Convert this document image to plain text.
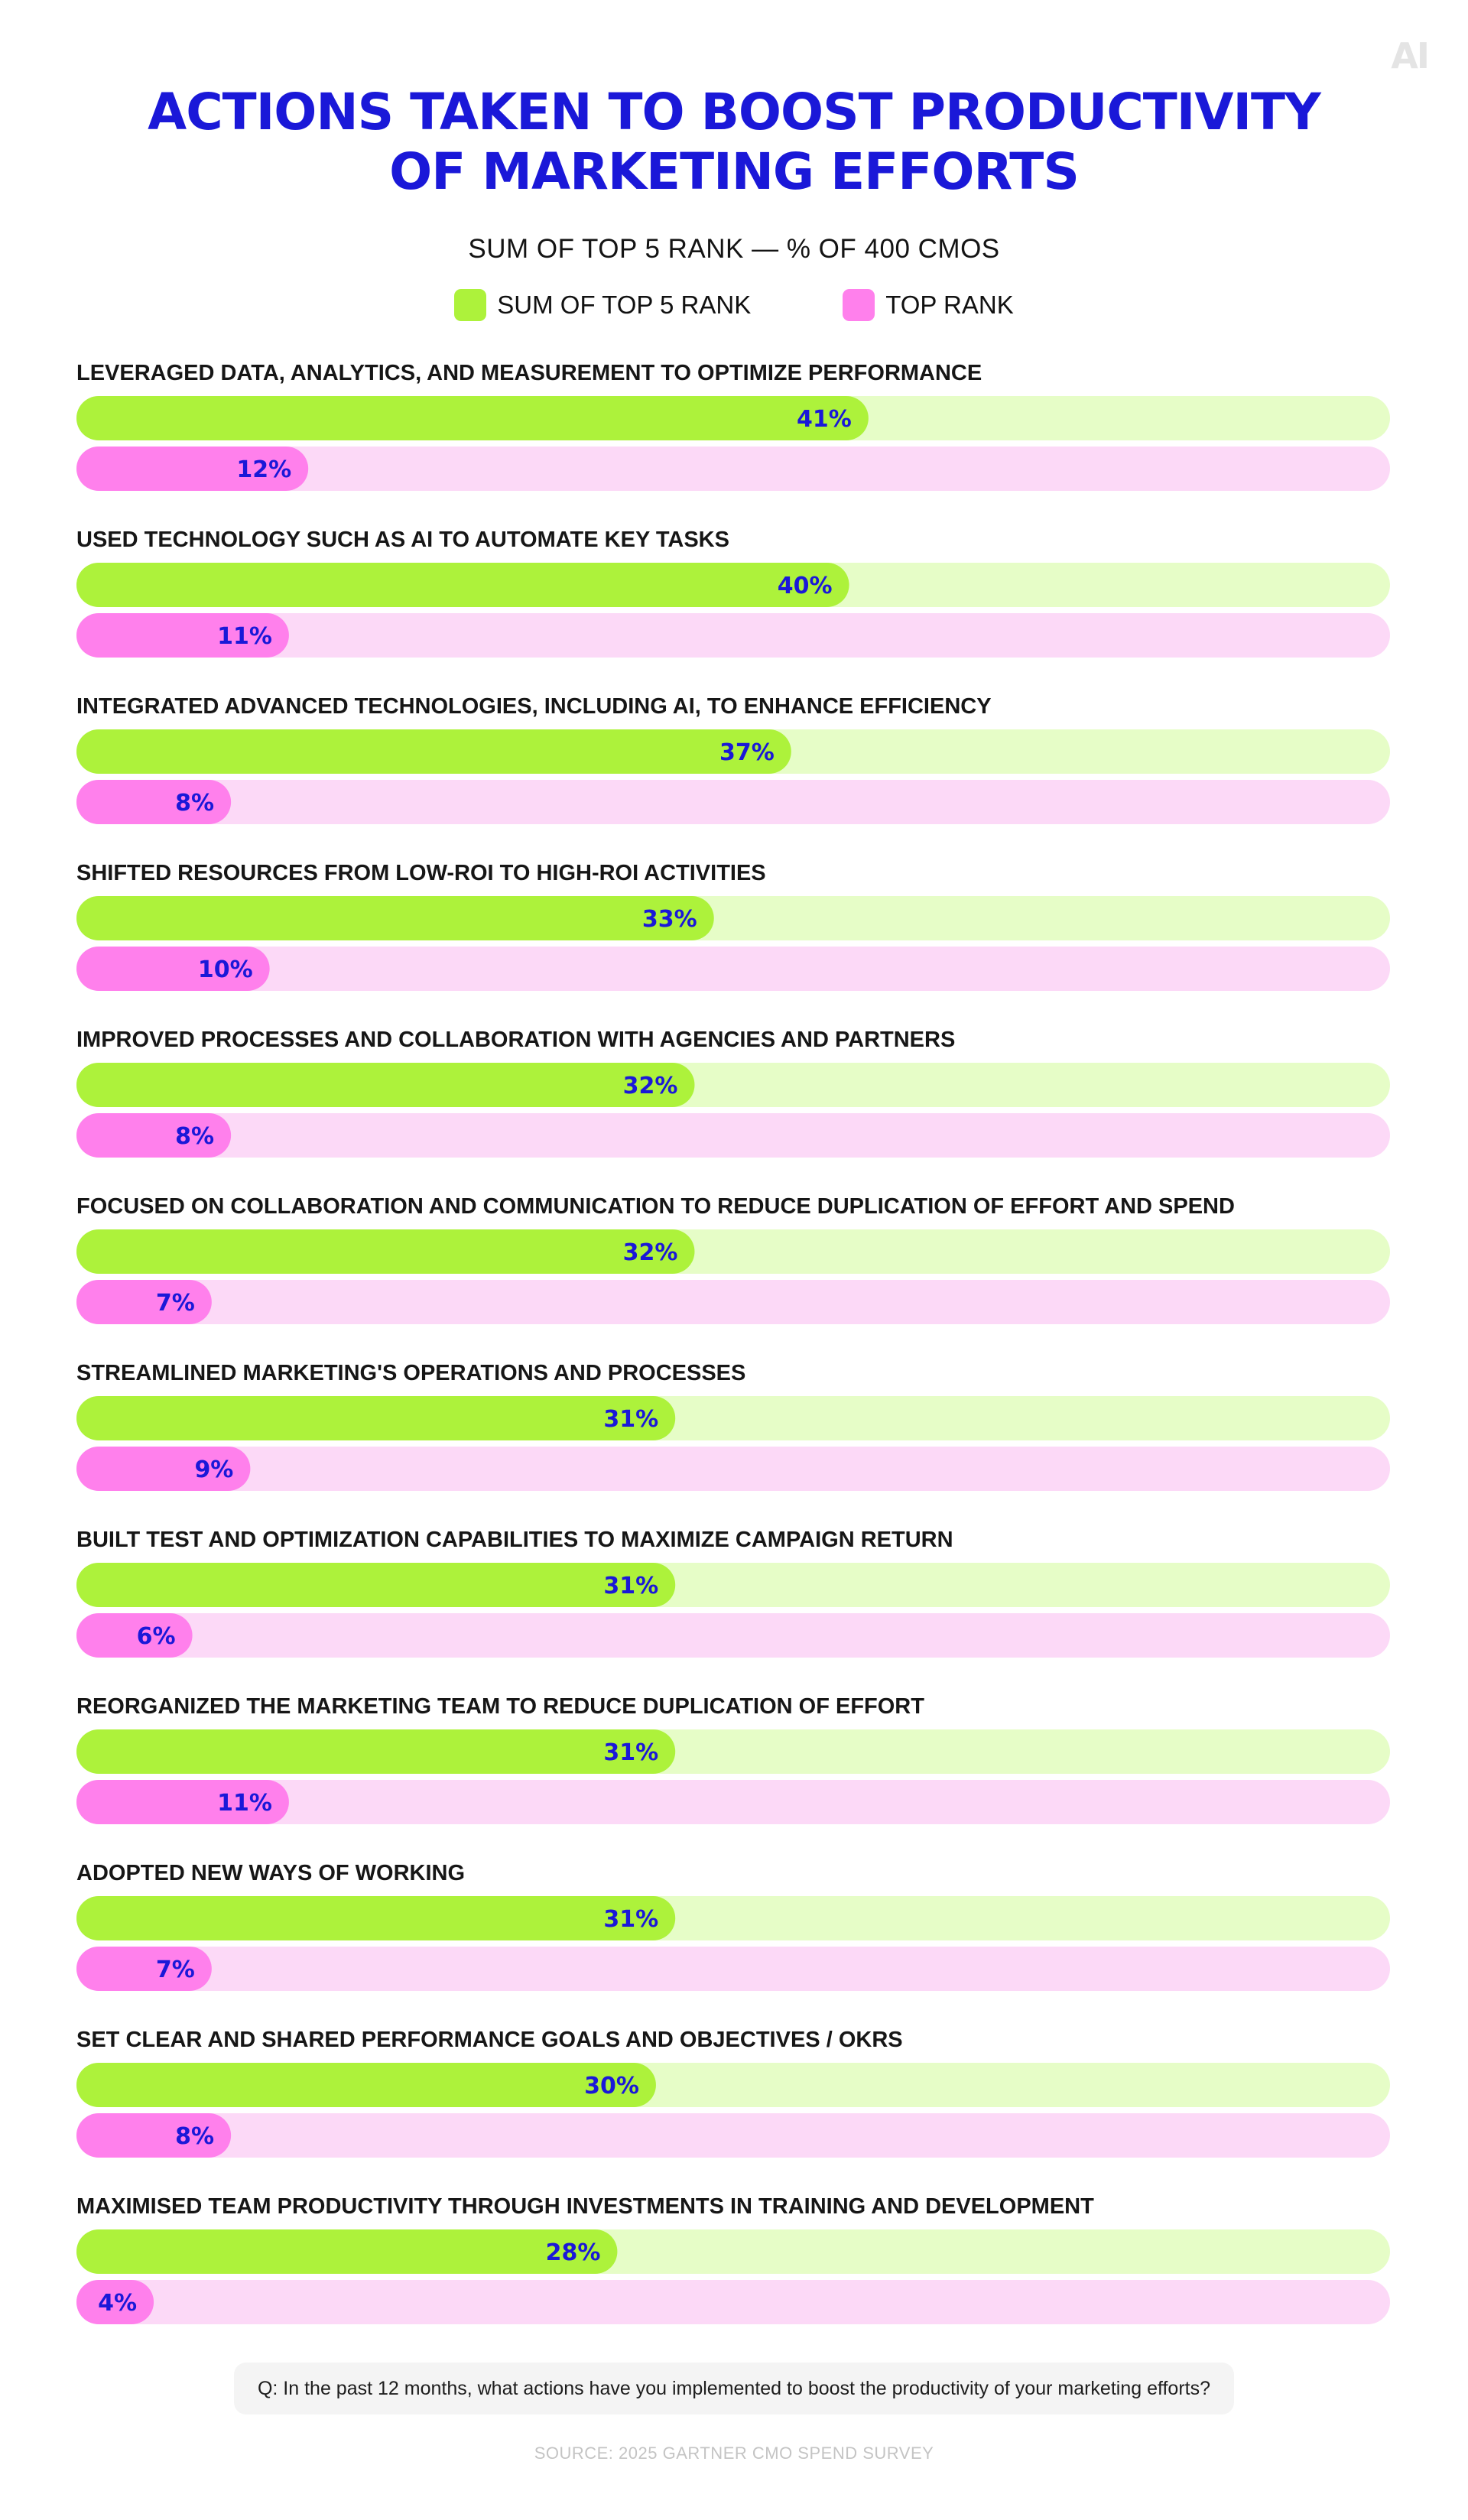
AI
ACTIONS TAKEN TO BOOST PRODUCTIVITY
OF MARKETING EFFORTS
SUM OF TOP 5 RANK — % OF 400 CMOS
SUM OF TOP 5 RANK	TOP RANK
LEVERAGED DATA, ANALYTICS, AND MEASUREMENT TO OPTIMIZE PERFORMANCE
41%
12%
USED TECHNOLOGY SUCH AS AI TO AUTOMATE KEY TASKS
40%
11%
INTEGRATED ADVANCED TECHNOLOGIES, INCLUDING AI, TO ENHANCE EFFICIENCY
37%
8%
SHIFTED RESOURCES FROM LOW-ROI TO HIGH-ROI ACTIVITIES
33%
10%
IMPROVED PROCESSES AND COLLABORATION WITH AGENCIES AND PARTNERS
32%
8%
FOCUSED ON COLLABORATION AND COMMUNICATION TO REDUCE DUPLICATION OF EFFORT AND SPEND
32%
7%
STREAMLINED MARKETING'S OPERATIONS AND PROCESSES
31%
9%
BUILT TEST AND OPTIMIZATION CAPABILITIES TO MAXIMIZE CAMPAIGN RETURN
31%
6%
REORGANIZED THE MARKETING TEAM TO REDUCE DUPLICATION OF EFFORT
31%
11%
ADOPTED NEW WAYS OF WORKING
31%
7%
SET CLEAR AND SHARED PERFORMANCE GOALS AND OBJECTIVES / OKRS
30%
8%
MAXIMISED TEAM PRODUCTIVITY THROUGH INVESTMENTS IN TRAINING AND DEVELOPMENT
28%
4%
Q: In the past 12 months, what actions have you implemented to boost the productivity of your marketing efforts?
SOURCE: 2025 GARTNER CMO SPEND SURVEY
